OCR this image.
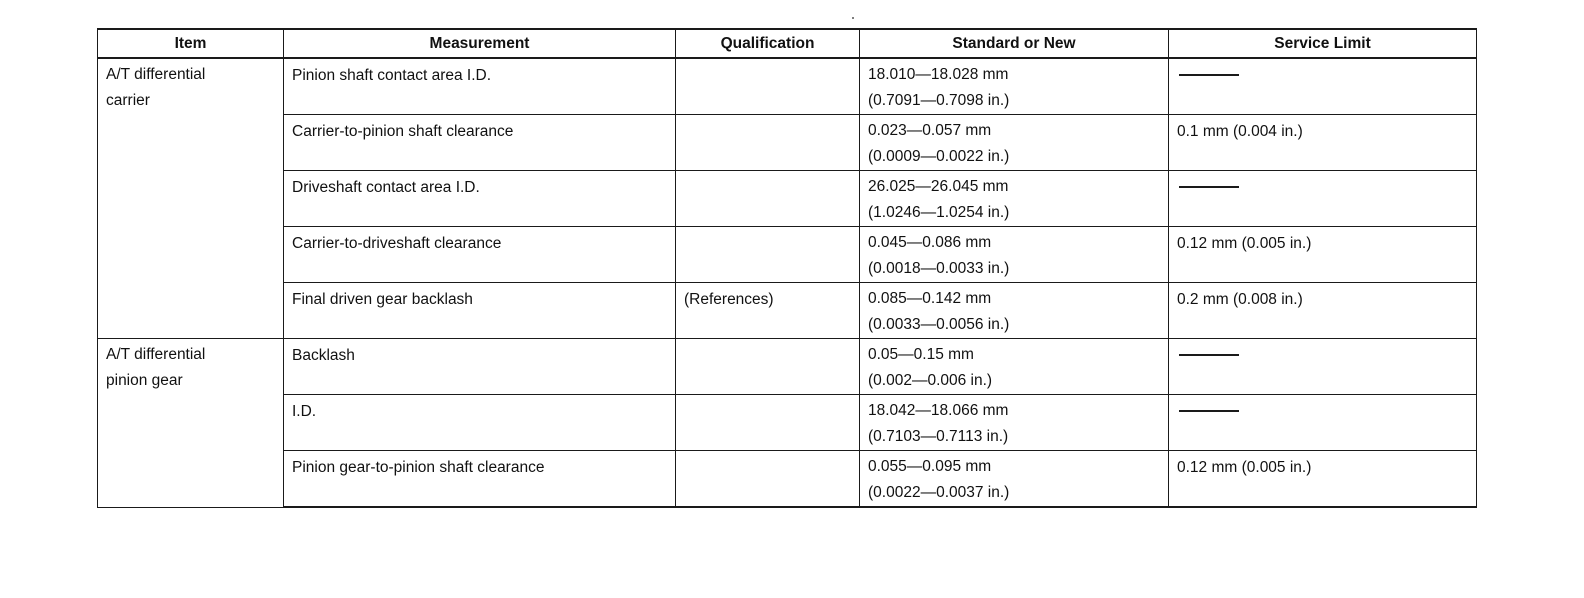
Item	Measurement	Qualification	Standard or New	Service Limit

A/T differential
carrier	Pinion shaft contact area I.D.		18.010—18.028 mm
(0.7091—0.7098 in.)	

	Carrier-to-pinion shaft clearance		0.023—0.057 mm
(0.0009—0.0022 in.)	0.1 mm (0.004 in.)

	Driveshaft contact area I.D.		26.025—26.045 mm
(1.0246—1.0254 in.)	

	Carrier-to-driveshaft clearance		0.045—0.086 mm
(0.0018—0.0033 in.)	0.12 mm (0.005 in.)

	Final driven gear backlash	(References)	0.085—0.142 mm
(0.0033—0.0056 in.)	0.2 mm (0.008 in.)

A/T differential
pinion gear	Backlash		0.05—0.15 mm
(0.002—0.006 in.)	

	I.D.		18.042—18.066 mm
(0.7103—0.7113 in.)	

	Pinion gear-to-pinion shaft clearance		0.055—0.095 mm
(0.0022—0.0037 in.)	0.12 mm (0.005 in.)
